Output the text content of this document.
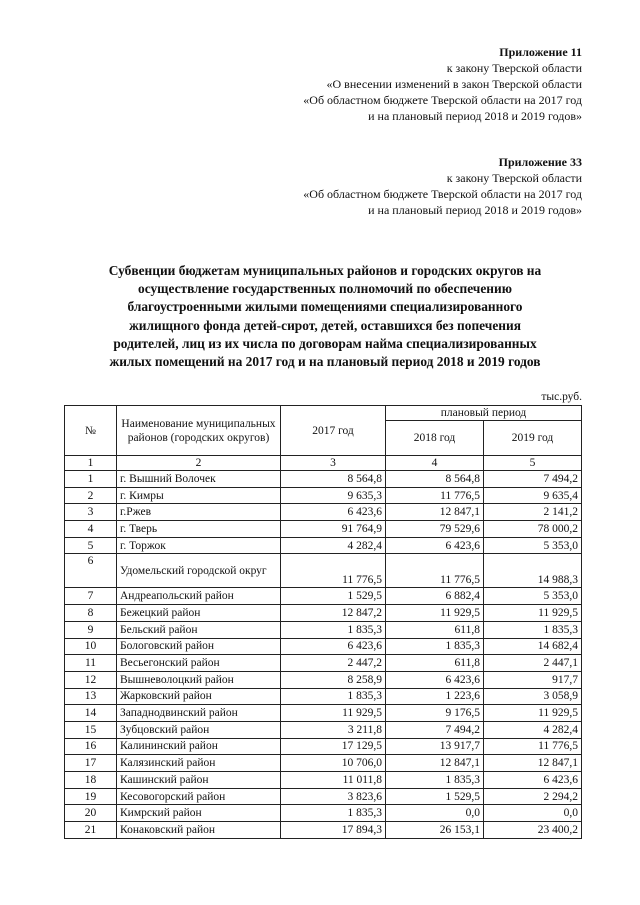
Приложение 11
к закону Тверской области
«О внесении изменений в закон Тверской области
«Об областном бюджете Тверской области на 2017 год
и на плановый период 2018 и 2019 годов»
Приложение 33
к закону Тверской области
«Об областном бюджете Тверской области на 2017 год
и на плановый период 2018 и 2019 годов»
Субвенции бюджетам муниципальных районов и городских округов на
осуществление государственных полномочий по обеспечению
благоустроенными жилыми помещениями специализированного
жилищного фонда детей-сирот, детей, оставшихся без попечения
родителей, лиц из их числа по договорам найма специализированных
жилых помещений на 2017 год и на плановый период 2018 и 2019 годов
тыс.руб.
№	Наименование муниципальных районов (городских округов)	2017 год	плановый период	
			2018 год	2019 год
1	2	3	4	5
1	г. Вышний Волочек	8 564,8	8 564,8	7 494,2
2	г. Кимры	9 635,3	11 776,5	9 635,4
3	г.Ржев	6 423,6	12 847,1	2 141,2
4	г. Тверь	91 764,9	79 529,6	78 000,2
5	г. Торжок	4 282,4	6 423,6	5 353,0
6	Удомельский городской округ	11 776,5	11 776,5	14 988,3
7	Андреапольский район	1 529,5	6 882,4	5 353,0
8	Бежецкий район	12 847,2	11 929,5	11 929,5
9	Бельский район	1 835,3	611,8	1 835,3
10	Бологовский район	6 423,6	1 835,3	14 682,4
11	Весьегонский район	2 447,2	611,8	2 447,1
12	Вышневолоцкий район	8 258,9	6 423,6	917,7
13	Жарковский район	1 835,3	1 223,6	3 058,9
14	Западнодвинский район	11 929,5	9 176,5	11 929,5
15	Зубцовский район	3 211,8	7 494,2	4 282,4
16	Калининский район	17 129,5	13 917,7	11 776,5
17	Калязинский район	10 706,0	12 847,1	12 847,1
18	Кашинский район	11 011,8	1 835,3	6 423,6
19	Кесовогорский район	3 823,6	1 529,5	2 294,2
20	Кимрский район	1 835,3	0,0	0,0
21	Конаковский район	17 894,3	26 153,1	23 400,2
